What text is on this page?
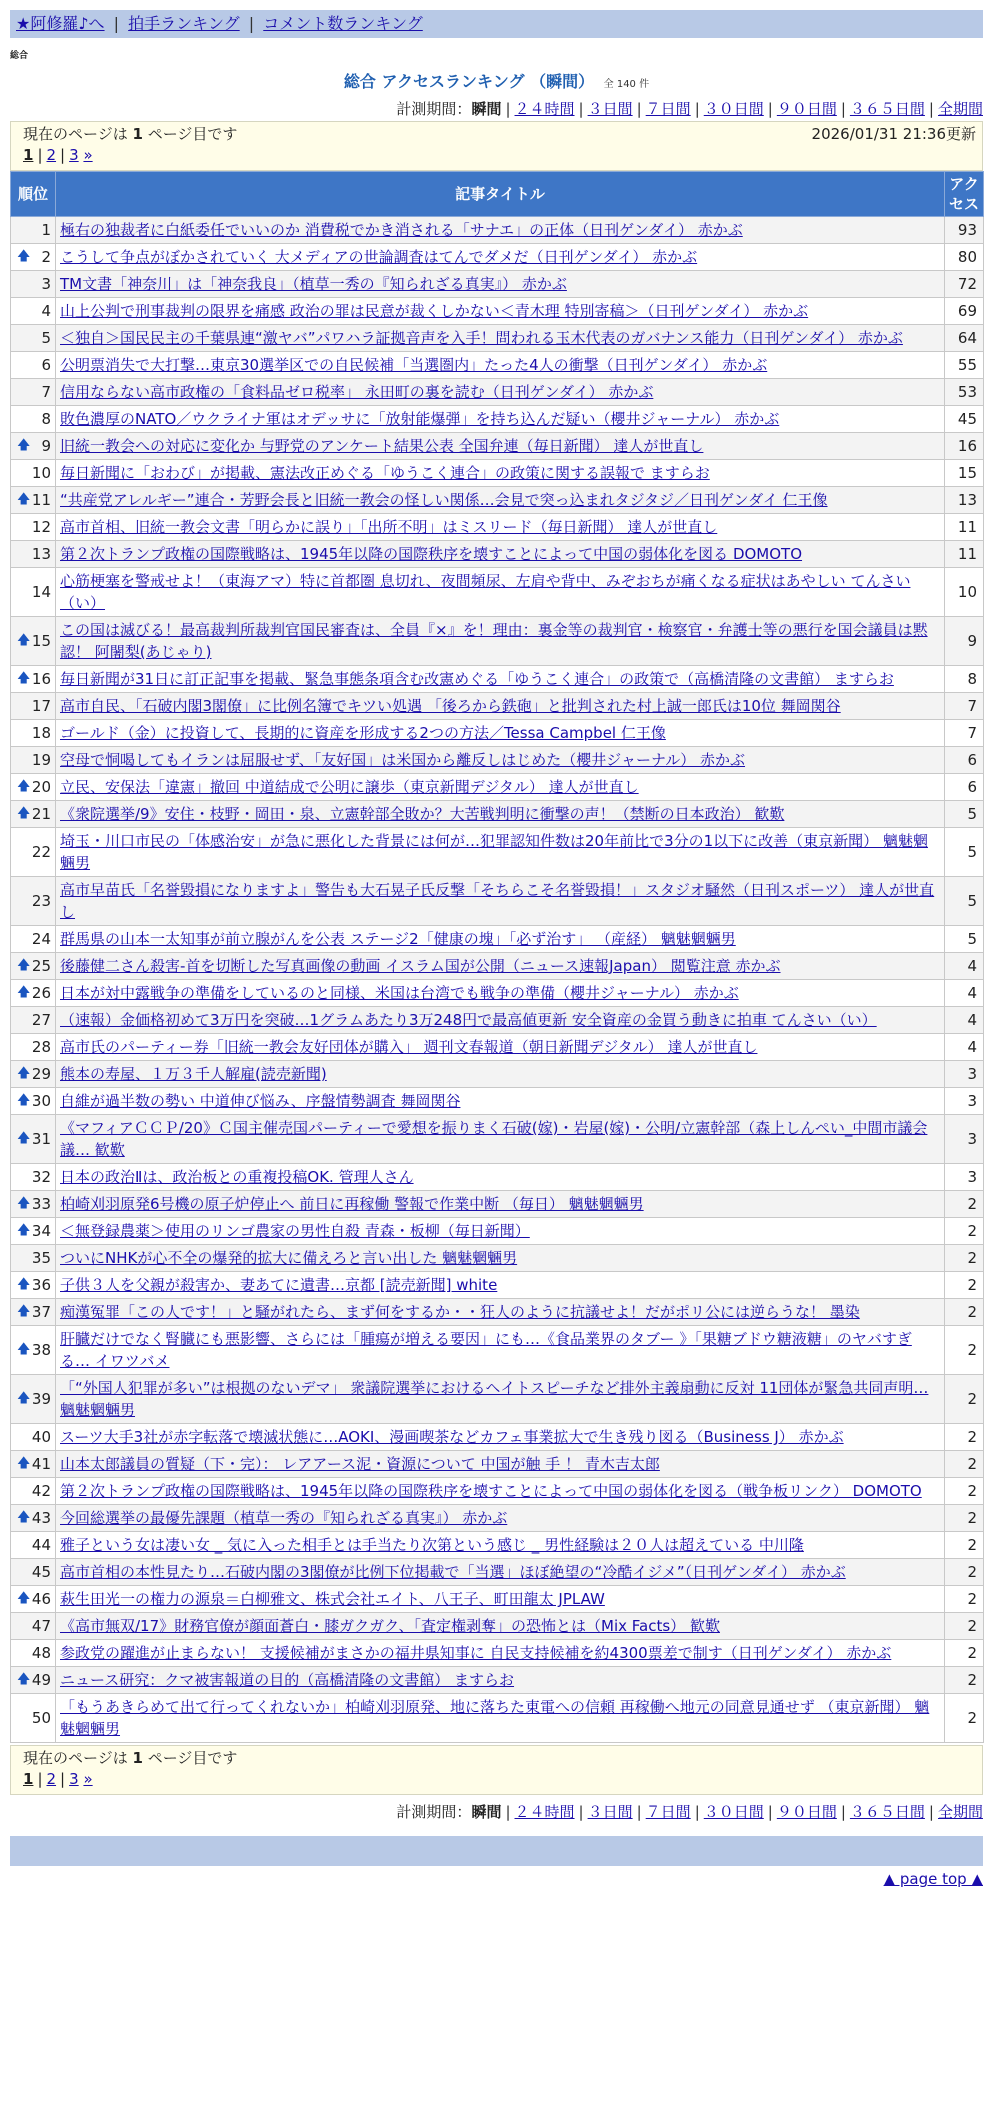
★阿修羅♪へ | 拍手ランキング | コメント数ランキング
総合
総合 アクセスランキング （瞬間） 全 140 件
計測期間：瞬間 | ２４時間 | ３日間 | ７日間 | ３０日間 | ９０日間 | ３６５日間 | 全期間
現在のページは 1 ページ目です	2026/01/31 21:36更新
1 | 2 | 3 »
順位	記事タイトル	アクセス
1	極右の独裁者に白紙委任でいいのか 消費税でかき消される「サナエ」の正体（日刊ゲンダイ） 赤かぶ	93

🡅 2	こうして争点がぼかされていく 大メディアの世論調査はてんでダメだ（日刊ゲンダイ） 赤かぶ	80
3	TM文書「神奈川」は「神奈我良」（植草一秀の『知られざる真実』） 赤かぶ	72
4	山上公判で刑事裁判の限界を痛感 政治の罪は民意が裁くしかない＜青木理 特別寄稿＞（日刊ゲンダイ） 赤かぶ	69
5	＜独自＞国民民主の千葉県連“激ヤバ”パワハラ証拠音声を入手！問われる玉木代表のガバナンス能力（日刊ゲンダイ） 赤かぶ	64
6	公明票消失で大打撃…東京30選挙区での自民候補「当選圏内」たった4人の衝撃（日刊ゲンダイ） 赤かぶ	55
7	信用ならない高市政権の「食料品ゼロ税率」 永田町の裏を読む（日刊ゲンダイ） 赤かぶ	53
8	敗色濃厚のNATO／ウクライナ軍はオデッサに「放射能爆弾」を持ち込んだ疑い（櫻井ジャーナル） 赤かぶ	45

🡅 9	旧統一教会への対応に変化か 与野党のアンケート結果公表 全国弁連（毎日新聞） 達人が世直し	16
10	毎日新聞に「おわび」が掲載、憲法改正めぐる「ゆうこく連合」の政策に関する誤報で ますらお	15

🡅 11	“共産党アレルギー”連合・芳野会長と旧統一教会の怪しい関係…会見で突っ込まれタジタジ／日刊ゲンダイ 仁王像	13
12	高市首相、旧統一教会文書「明らかに誤り」「出所不明」はミスリード（毎日新聞） 達人が世直し	11
13	第２次トランプ政権の国際戦略は、1945年以降の国際秩序を壊すことによって中国の弱体化を図る DOMOTO	11
14	心筋梗塞を警戒せよ！（東海アマ）特に首都圏 息切れ、夜間頻尿、左肩や背中、みぞおちが痛くなる症状はあやしい てんさい（い）	10

🡅 15	この国は滅びる！最高裁判所裁判官国民審査は、全員『×』を！理由：裏金等の裁判官・検察官・弁護士等の悪行を国会議員は黙認！ 阿闍梨(あじゃり)	9

🡅 16	毎日新聞が31日に訂正記事を掲載、緊急事態条項含む改憲めぐる「ゆうこく連合」の政策で（高橋清隆の文書館） ますらお	8
17	高市自民、「石破内閣3閣僚」に比例名簿でキツい処遇 「後ろから鉄砲」と批判された村上誠一郎氏は10位 舞岡関谷	7
18	ゴールド（金）に投資して、長期的に資産を形成する2つの方法／Tessa Campbel 仁王像	7
19	空母で恫喝してもイランは屈服せず、「友好国」は米国から離反しはじめた（櫻井ジャーナル） 赤かぶ	6

🡅 20	立民、安保法「違憲」撤回 中道結成で公明に譲歩（東京新聞デジタル） 達人が世直し	6

🡅 21	《衆院選挙/9》安住・枝野・岡田・泉、立憲幹部全敗か？大苦戦判明に衝撃の声！（禁断の日本政治） 歓歎	5
22	埼玉・川口市民の「体感治安」が急に悪化した背景には何が…犯罪認知件数は20年前比で3分の1以下に改善（東京新聞） 魑魅魍魎男	5
23	高市早苗氏「名誉毀損になりますよ」警告も大石晃子氏反撃「そちらこそ名誉毀損！」スタジオ騒然（日刊スポーツ） 達人が世直し	5
24	群馬県の山本一太知事が前立腺がんを公表 ステージ2「健康の塊」「必ず治す」 （産経） 魑魅魍魎男	5

🡅 25	後藤健二さん殺害-首を切断した写真画像の動画 イスラム国が公開（ニュース速報Japan） 閲覧注意 赤かぶ	4

🡅 26	日本が対中露戦争の準備をしているのと同様、米国は台湾でも戦争の準備（櫻井ジャーナル） 赤かぶ	4
27	（速報）金価格初めて3万円を突破…1グラムあたり3万248円で最高値更新 安全資産の金買う動きに拍車 てんさい（い）	4
28	高市氏のパーティー券「旧統一教会友好団体が購入」 週刊文春報道（朝日新聞デジタル） 達人が世直し	4

🡅 29	熊本の寿屋、１万３千人解雇(読売新聞)	3

🡅 30	自維が過半数の勢い 中道伸び悩み、序盤情勢調査 舞岡関谷	3

🡅 31	《マフィアＣＣＰ/20》Ｃ国主催売国パーティーで愛想を振りまく石破(嫁)・岩屋(嫁)・公明/立憲幹部（森上しんぺい_中間市議会議… 歓歎	3
32	日本の政治Ⅱは、政治板との重複投稿OK. 管理人さん	3

🡅 33	柏崎刈羽原発6号機の原子炉停止へ 前日に再稼働 警報で作業中断 （毎日） 魑魅魍魎男	2

🡅 34	＜無登録農薬＞使用のリンゴ農家の男性自殺 青森・板柳（毎日新聞）	2
35	ついにNHKが心不全の爆発的拡大に備えろと言い出した 魑魅魍魎男	2

🡅 36	子供３人を父親が殺害か、妻あてに遺書…京都 [読売新聞] white	2

🡅 37	痴漢冤罪「この人です！」と騒がれたら、まず何をするか・・狂人のように抗議せよ！だがポリ公には逆らうな！ 墨染	2

🡅 38	肝臓だけでなく腎臓にも悪影響、さらには「腫瘍が増える要因」にも…《食品業界のタブー 》「果糖ブドウ糖液糖」のヤバすぎる… イワツバメ	2

🡅 39	「“外国人犯罪が多い”は根拠のないデマ」 衆議院選挙におけるヘイトスピーチなど排外主義扇動に反対 11団体が緊急共同声明… 魑魅魍魎男	2
40	スーツ大手3社が赤字転落で壊滅状態に…AOKI、漫画喫茶などカフェ事業拡大で生き残り図る（Business J） 赤かぶ	2

🡅 41	山本太郎議員の質疑（下・完）： レアアース泥・資源について 中国が触 手 ！ 青木吉太郎	2
42	第２次トランプ政権の国際戦略は、1945年以降の国際秩序を壊すことによって中国の弱体化を図る（戦争板リンク） DOMOTO	2

🡅 43	今回総選挙の最優先課題（植草一秀の『知られざる真実』） 赤かぶ	2
44	雅子という女は凄い女 _ 気に入った相手とは手当たり次第という感じ _ 男性経験は２０人は超えている 中川隆	2
45	高市首相の本性見たり…石破内閣の3閣僚が比例下位掲載で「当選」ほぼ絶望の“冷酷イジメ”（日刊ゲンダイ） 赤かぶ	2

🡅 46	萩生田光一の権力の源泉＝白柳雅文、株式会社エイト、八王子、町田龍太 JPLAW	2
47	《高市無双/17》財務官僚が顔面蒼白・膝ガクガク、「査定権剥奪」の恐怖とは（Mix Facts） 歓歎	2
48	参政党の躍進が止まらない！ 支援候補がまさかの福井県知事に 自民支持候補を約4300票差で制す（日刊ゲンダイ） 赤かぶ	2

🡅 49	ニュース研究：クマ被害報道の目的（高橋清隆の文書館） ますらお	2
50	「もうあきらめて出て行ってくれないか」柏崎刈羽原発、地に落ちた東電への信頼 再稼働へ地元の同意見通せず （東京新聞） 魑魅魍魎男	2
現在のページは 1 ページ目です
1 | 2 | 3 »
計測期間：瞬間 | ２４時間 | ３日間 | ７日間 | ３０日間 | ９０日間 | ３６５日間 | 全期間
▲ page top ▲
